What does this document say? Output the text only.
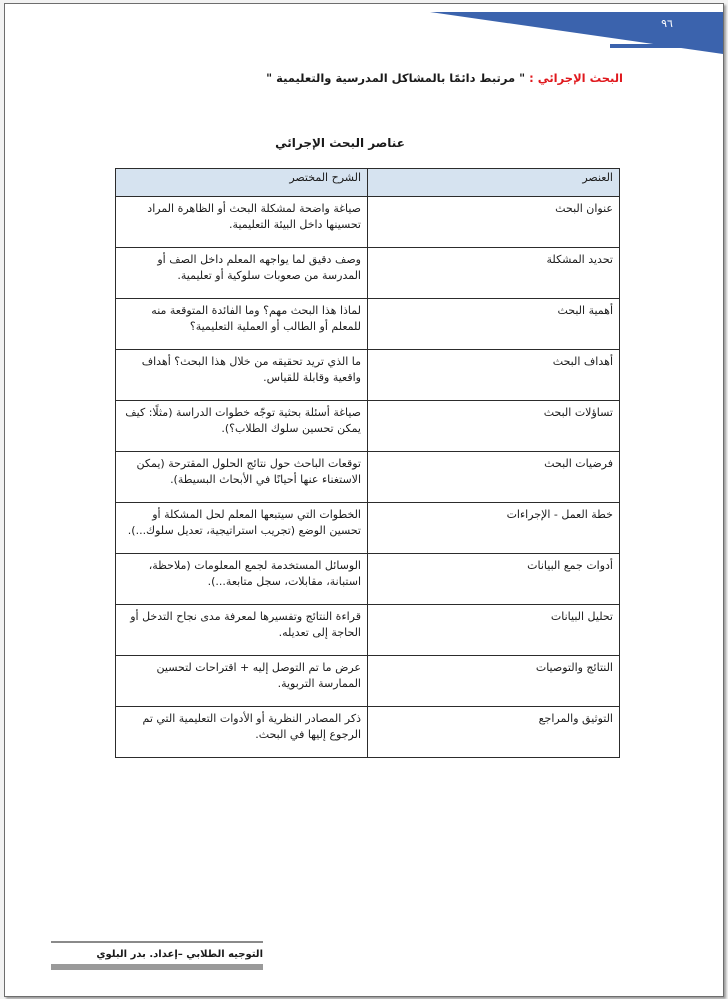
٩٦
البحث الإجرائي : " مرتبط دائمًا بالمشاكل المدرسية والتعليمية "
عناصر البحث الإجرائي
العنصر	الشرح المختصر
عنوان البحث	صياغة واضحة لمشكلة البحث أو الظاهرة المراد تحسينها داخل البيئة التعليمية.
تحديد المشكلة	وصف دقيق لما يواجهه المعلم داخل الصف أو المدرسة من صعوبات سلوكية أو تعليمية.
أهمية البحث	لماذا هذا البحث مهم؟ وما الفائدة المتوقعة منه للمعلم أو الطالب أو العملية التعليمية؟
أهداف البحث	ما الذي تريد تحقيقه من خلال هذا البحث؟ أهداف واقعية وقابلة للقياس.
تساؤلات البحث	صياغة أسئلة بحثية توجّه خطوات الدراسة (مثلًا: كيف يمكن تحسين سلوك الطلاب؟).
فرضيات البحث	توقعات الباحث حول نتائج الحلول المقترحة (يمكن الاستغناء عنها أحيانًا في الأبحاث البسيطة).
خطة العمل - الإجراءات	الخطوات التي سيتبعها المعلم لحل المشكلة أو تحسين الوضع (تجريب استراتيجية، تعديل سلوك...).
أدوات جمع البيانات	الوسائل المستخدمة لجمع المعلومات (ملاحظة، استبانة، مقابلات، سجل متابعة...).
تحليل البيانات	قراءة النتائج وتفسيرها لمعرفة مدى نجاح التدخل أو الحاجة إلى تعديله.
النتائج والتوصيات	عرض ما تم التوصل إليه + اقتراحات لتحسين الممارسة التربوية.
التوثيق والمراجع	ذكر المصادر النظرية أو الأدوات التعليمية التي تم الرجوع إليها في البحث.
التوجيه الطلابي –إعداد. بدر البلوي
